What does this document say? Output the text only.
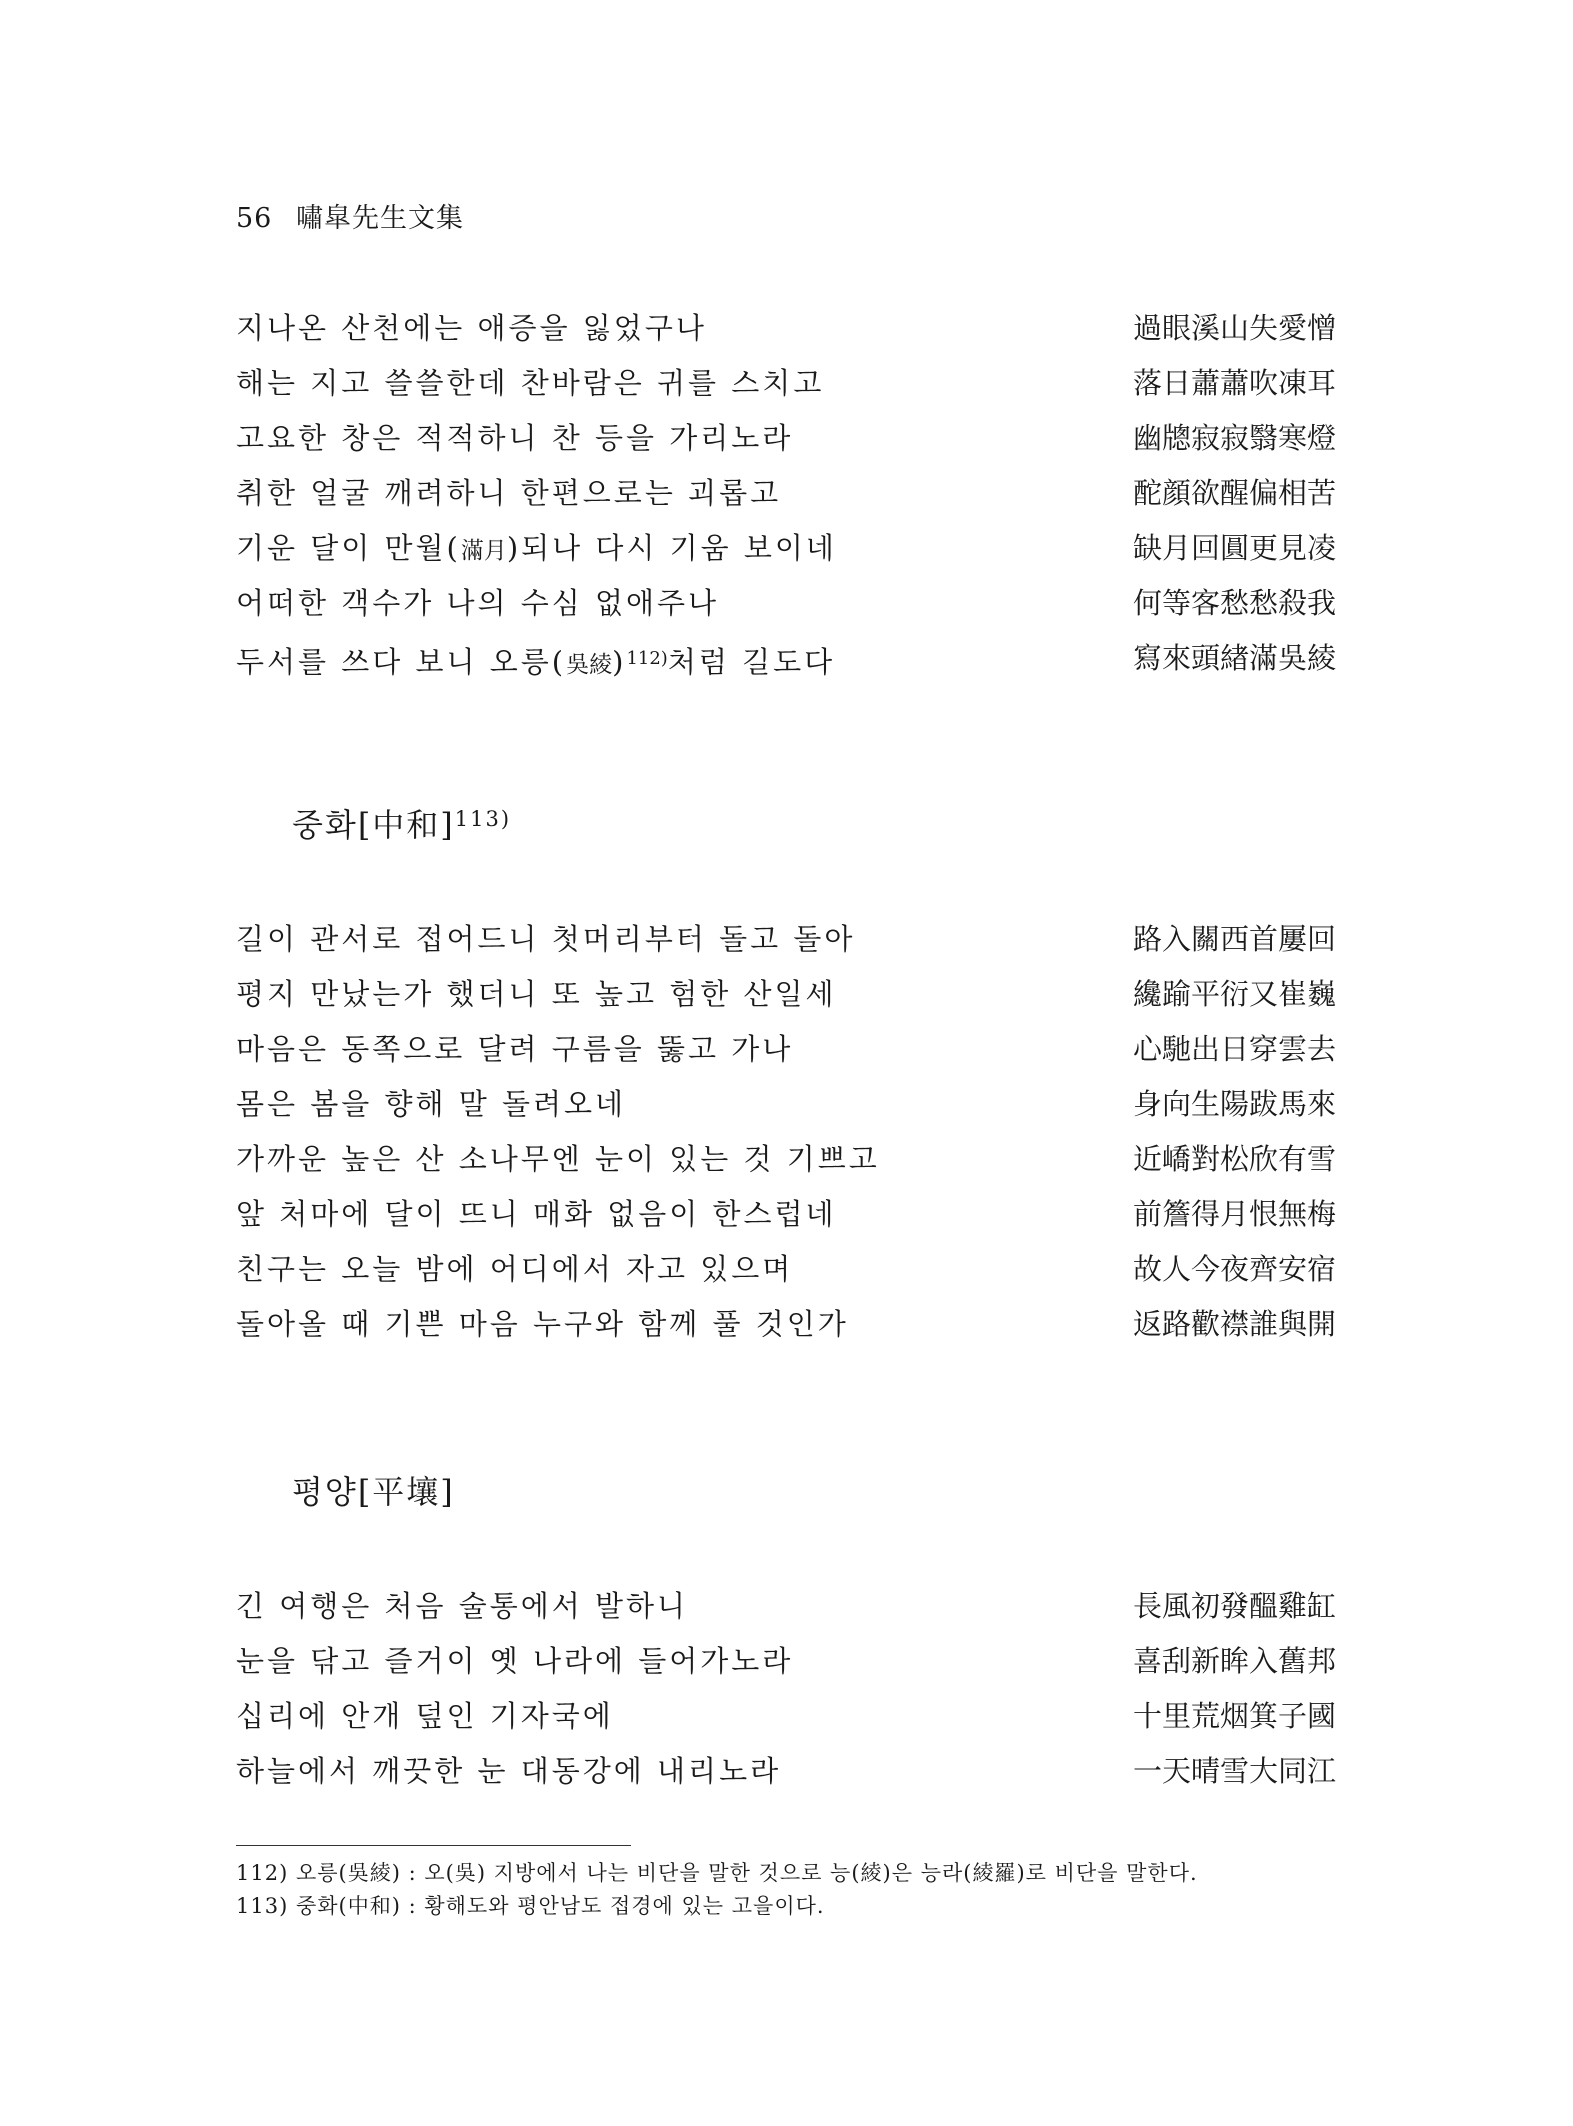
56 嘯皐先生文集
지나온 산천에는 애증을 잃었구나	過眼溪山失愛憎
해는 지고 쓸쓸한데 찬바람은 귀를 스치고	落日蕭蕭吹凍耳
고요한 창은 적적하니 찬 등을 가리노라	幽牕寂寂翳寒燈
취한 얼굴 깨려하니 한편으로는 괴롭고	酡顔欲醒偏相苦
기운 달이 만월(滿月)되나 다시 기움 보이네	缺月回圓更見凌
어떠한 객수가 나의 수심 없애주나	何等客愁愁殺我
두서를 쓰다 보니 오릉(吳綾)$^{112)}$처럼 길도다	寫來頭緖滿吳綾
중화[中和]$^{113)}$
길이 관서로 접어드니 첫머리부터 돌고 돌아	路入關西首屢回
평지 만났는가 했더니 또 높고 험한 산일세	纔踰平衍又崔巍
마음은 동쪽으로 달려 구름을 뚫고 가나	心馳出日穿雲去
몸은 봄을 향해 말 돌려오네	身向生陽跋馬來
가까운 높은 산 소나무엔 눈이 있는 것 기쁘고	近嶠對松欣有雪
앞 처마에 달이 뜨니 매화 없음이 한스럽네	前簷得月恨無梅
친구는 오늘 밤에 어디에서 자고 있으며	故人今夜齊安宿
돌아올 때 기쁜 마음 누구와 함께 풀 것인가	返路歡襟誰與開
평양[平壤]
긴 여행은 처음 술통에서 발하니	長風初發醞雞缸
눈을 닦고 즐거이 옛 나라에 들어가노라	喜刮新眸入舊邦
십리에 안개 덮인 기자국에	十里荒烟箕子國
하늘에서 깨끗한 눈 대동강에 내리노라	一天晴雪大同江
112) 오릉(吳綾) : 오(吳) 지방에서 나는 비단을 말한 것으로 능(綾)은 능라(綾羅)로 비단을 말한다.
113) 중화(中和) : 황해도와 평안남도 접경에 있는 고을이다.
